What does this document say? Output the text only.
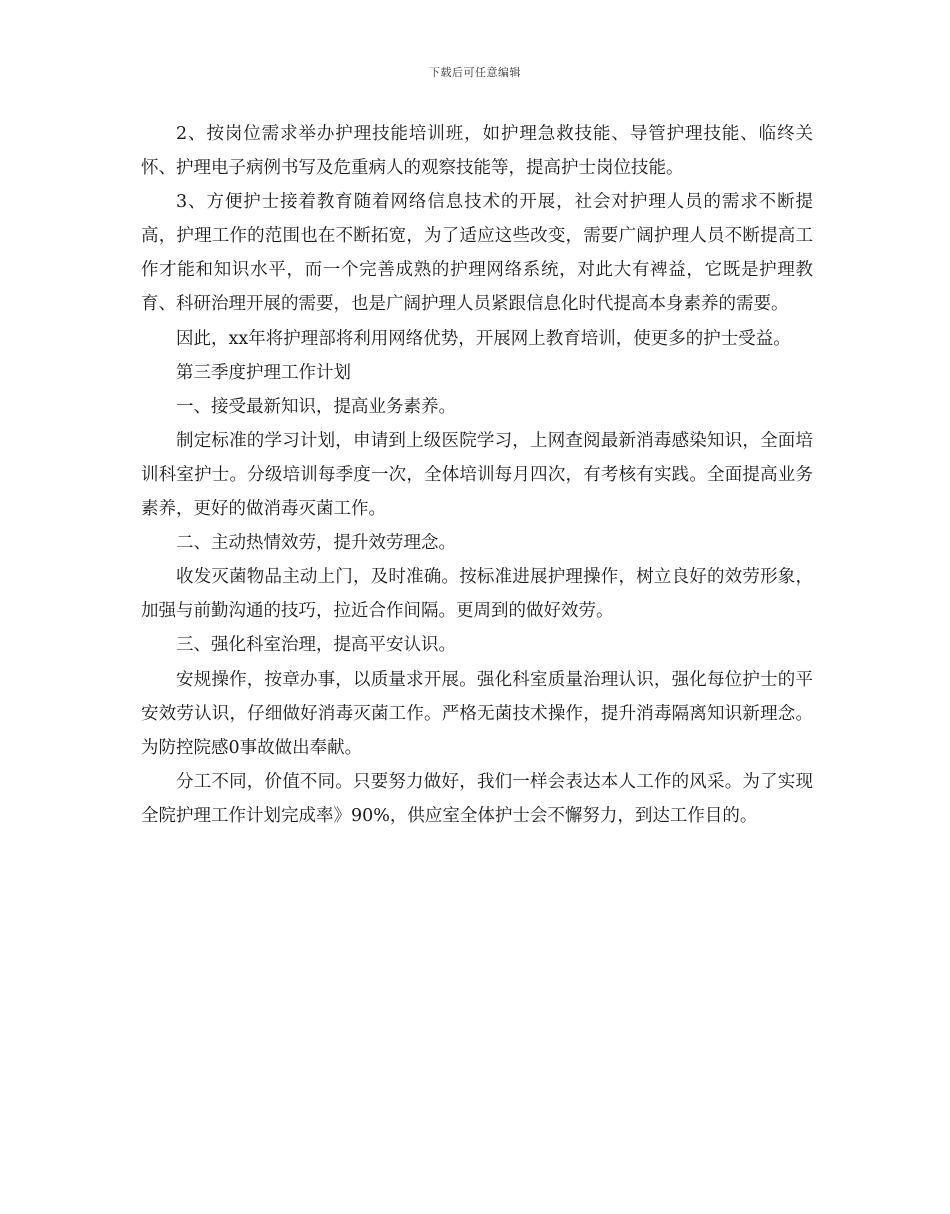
下载后可任意编辑

2、按岗位需求举办护理技能培训班，如护理急救技能、导管护理技能、临终关怀、护理电子病例书写及危重病人的观察技能等，提高护士岗位技能。

3、方便护士接着教育随着网络信息技术的开展，社会对护理人员的需求不断提高，护理工作的范围也在不断拓宽，为了适应这些改变，需要广阔护理人员不断提高工作才能和知识水平，而一个完善成熟的护理网络系统，对此大有裨益，它既是护理教育、科研治理开展的需要，也是广阔护理人员紧跟信息化时代提高本身素养的需要。

因此，xx年将护理部将利用网络优势，开展网上教育培训，使更多的护士受益。

第三季度护理工作计划

一、接受最新知识，提高业务素养。

制定标准的学习计划，申请到上级医院学习，上网查阅最新消毒感染知识，全面培训科室护士。分级培训每季度一次，全体培训每月四次，有考核有实践。全面提高业务素养，更好的做消毒灭菌工作。

二、主动热情效劳，提升效劳理念。

收发灭菌物品主动上门，及时准确。按标准进展护理操作，树立良好的效劳形象，加强与前勤沟通的技巧，拉近合作间隔。更周到的做好效劳。

三、强化科室治理，提高平安认识。

安规操作，按章办事，以质量求开展。强化科室质量治理认识，强化每位护士的平安效劳认识，仔细做好消毒灭菌工作。严格无菌技术操作，提升消毒隔离知识新理念。为防控院感0事故做出奉献。

分工不同，价值不同。只要努力做好，我们一样会表达本人工作的风采。为了实现全院护理工作计划完成率》90%，供应室全体护士会不懈努力，到达工作目的。
